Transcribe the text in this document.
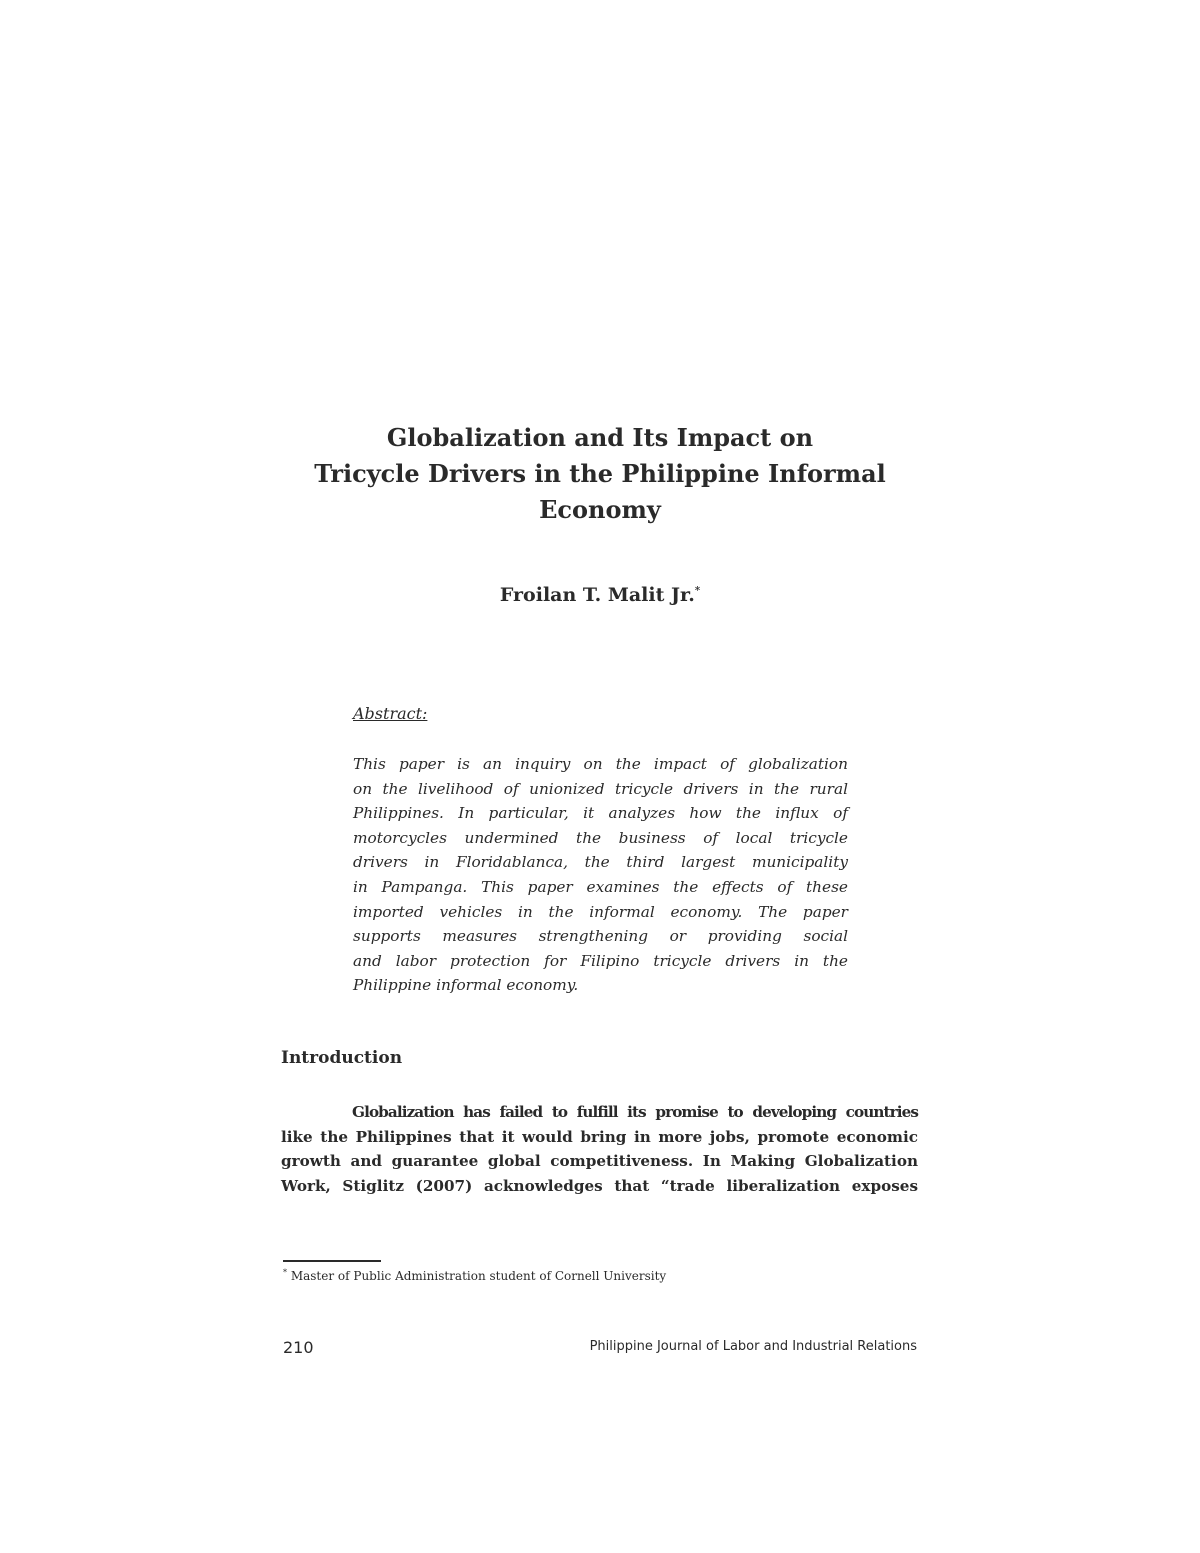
Globalization and Its Impact on
Tricycle Drivers in the Philippine Informal
Economy
Froilan T. Malit Jr.*
Abstract:
This paper is an inquiry on the impact of globalization
on the livelihood of unionized tricycle drivers in the rural
Philippines. In particular, it analyzes how the influx of
motorcycles undermined the business of local tricycle
drivers in Floridablanca, the third largest municipality
in Pampanga. This paper examines the effects of these
imported vehicles in the informal economy. The paper
supports measures strengthening or providing social
and labor protection for Filipino tricycle drivers in the
Philippine informal economy.
Introduction
Globalization has failed to fulfill its promise to developing countries
like the Philippines that it would bring in more jobs, promote economic
growth and guarantee global competitiveness. In Making Globalization
Work, Stiglitz (2007) acknowledges that “trade liberalization exposes
* Master of Public Administration student of Cornell University
210	Philippine Journal of Labor and Industrial Relations
